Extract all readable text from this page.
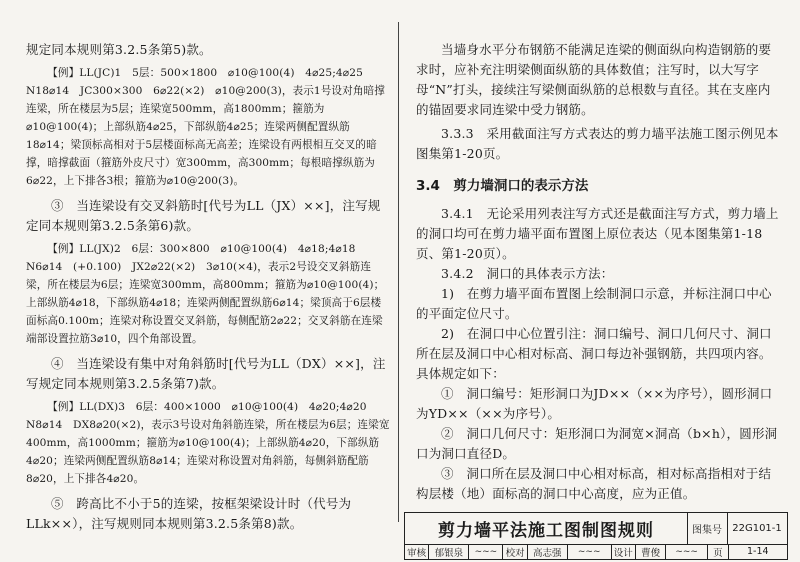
规定同本规则第3.2.5条第5)款。

【例】LL(JC)1　5层：500×1800　⌀10@100(4)　4⌀25;4⌀25　N18⌀14　JC300×300　6⌀22(×2)　⌀10@200(3)，表示1号设对角暗撑连梁，所在楼层为5层；连梁宽500mm，高1800mm；箍筋为⌀10@100(4)；上部纵筋4⌀25，下部纵筋4⌀25；连梁两侧配置纵筋18⌀14；梁顶标高相对于5层楼面标高无高差；连梁设有两根相互交叉的暗撑，暗撑截面（箍筋外皮尺寸）宽300mm，高300mm；每根暗撑纵筋为6⌀22，上下排各3根；箍筋为⌀10@200(3)。

③　当连梁设有交叉斜筋时[代号为LL（JX）××]，注写规定同本规则第3.2.5条第6)款。

【例】LL(JX)2　6层：300×800　⌀10@100(4)　4⌀18;4⌀18　N6⌀14　(+0.100)　JX2⌀22(×2)　3⌀10(×4)，表示2号设交叉斜筋连梁，所在楼层为6层；连梁宽300mm，高800mm；箍筋为⌀10@100(4)；上部纵筋4⌀18，下部纵筋4⌀18；连梁两侧配置纵筋6⌀14；梁顶高于6层楼面标高0.100m；连梁对称设置交叉斜筋，每侧配筋2⌀22；交叉斜筋在连梁端部设置拉筋3⌀10，四个角部设置。

④　当连梁设有集中对角斜筋时[代号为LL（DX）××]，注写规定同本规则第3.2.5条第7)款。

【例】LL(DX)3　6层：400×1000　⌀10@100(4)　4⌀20;4⌀20　N8⌀14　DX8⌀20(×2)，表示3号设对角斜筋连梁，所在楼层为6层；连梁宽400mm，高1000mm；箍筋为⌀10@100(4)；上部纵筋4⌀20，下部纵筋4⌀20；连梁两侧配置纵筋8⌀14；连梁对称设置对角斜筋，每侧斜筋配筋8⌀20，上下排各4⌀20。

⑤　跨高比不小于5的连梁，按框架梁设计时（代号为LLk××），注写规则同本规则第3.2.5条第8)款。

当墙身水平分布钢筋不能满足连梁的侧面纵向构造钢筋的要求时，应补充注明梁侧面纵筋的具体数值；注写时，以大写字母“N”打头，接续注写梁侧面纵筋的总根数与直径。其在支座内的锚固要求同连梁中受力钢筋。

3.3.3　采用截面注写方式表达的剪力墙平法施工图示例见本图集第1-20页。

3.4　剪力墙洞口的表示方法

3.4.1　无论采用列表注写方式还是截面注写方式，剪力墙上的洞口均可在剪力墙平面布置图上原位表达（见本图集第1-18页、第1-20页）。

3.4.2　洞口的具体表示方法：

1)　在剪力墙平面布置图上绘制洞口示意，并标注洞口中心的平面定位尺寸。

2)　在洞口中心位置引注：洞口编号、洞口几何尺寸、洞口所在层及洞口中心相对标高、洞口每边补强钢筋，共四项内容。具体规定如下：

①　洞口编号：矩形洞口为JD××（××为序号），圆形洞口为YD××（××为序号）。

②　洞口几何尺寸：矩形洞口为洞宽×洞高（b×h），圆形洞口为洞口直径D。

③　洞口所在层及洞口中心相对标高，相对标高指相对于结构层楼（地）面标高的洞口中心高度，应为正值。

剪力墙平法施工图制图规则	图集号	22G101-1
审核 郁银泉	~~~ 校对 高志强	~~~	设计 曹俊	~~~	页	1-14
